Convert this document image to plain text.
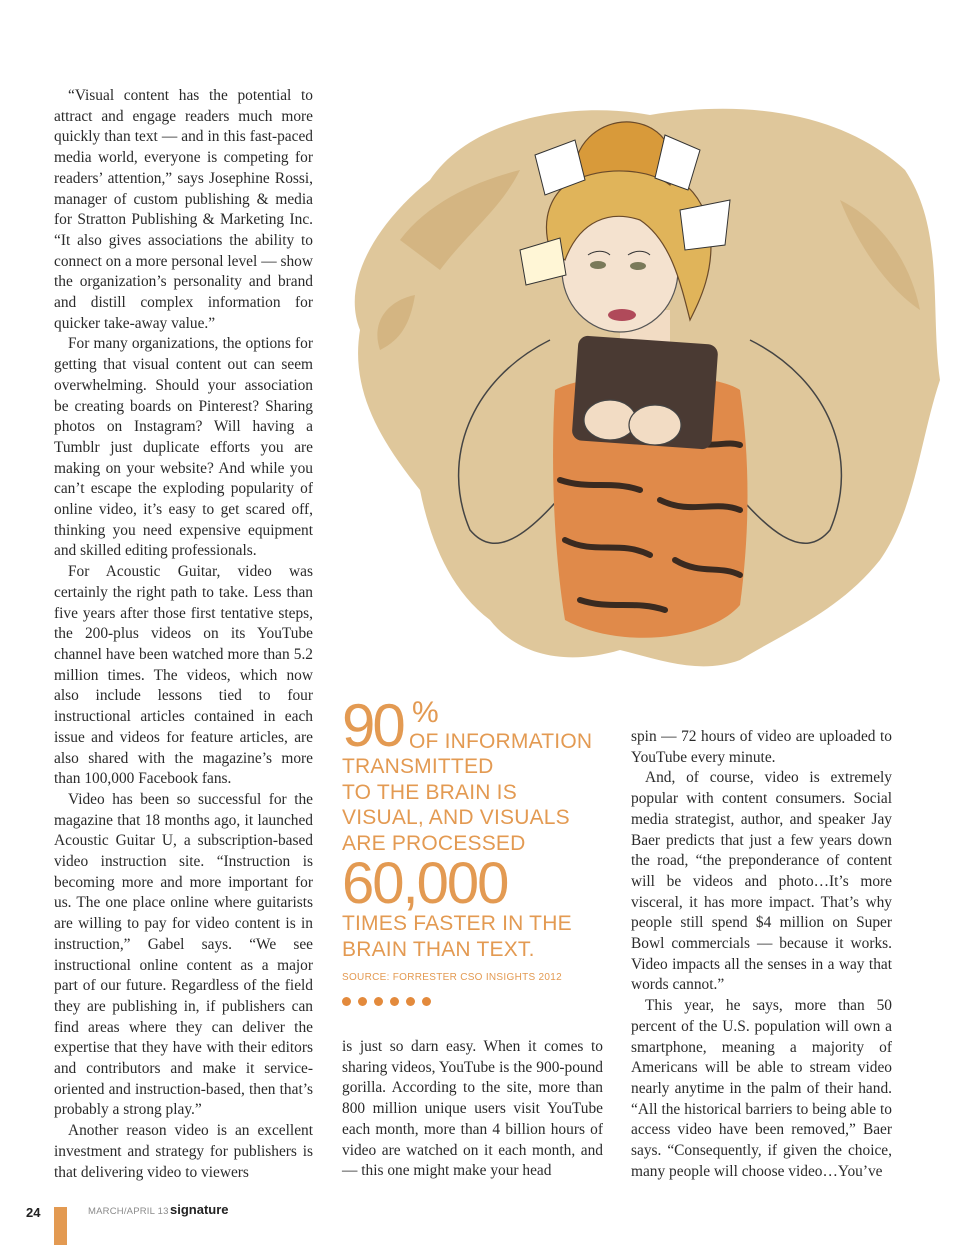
“Visual content has the potential to attract and engage readers much more quickly than text — and in this fast-paced media world, everyone is competing for readers’ attention,” says Josephine Rossi, manager of custom publishing & media for Stratton Publishing & Marketing Inc. “It also gives associations the ability to connect on a more personal level — show the organization’s personality and brand and distill complex information for quicker take-away value.”

For many organizations, the options for getting that visual content out can seem overwhelming. Should your association be creating boards on Pinterest? Sharing photos on Instagram? Will having a Tumblr just duplicate efforts you are making on your website? And while you can’t escape the exploding popularity of online video, it’s easy to get scared off, thinking you need expensive equipment and skilled editing professionals.

For Acoustic Guitar, video was certainly the right path to take. Less than five years after those first tentative steps, the 200-plus videos on its YouTube channel have been watched more than 5.2 million times. The videos, which now also include lessons tied to four instructional articles contained in each issue and videos for feature articles, are also shared with the magazine’s more than 100,000 Facebook fans.

Video has been so successful for the magazine that 18 months ago, it launched Acoustic Guitar U, a subscription-based video instruction site. “Instruction is becoming more and more important for us. The one place online where guitarists are willing to pay for video content is in instruction,” Gabel says. “We see instructional online content as a major part of our future. Regardless of the field they are publishing in, if publishers can find areas where they can deliver the expertise that they have with their editors and contributors and make it service-oriented and instruction-based, then that’s probably a strong play.”

Another reason video is an excellent investment and strategy for publishers is that delivering video to viewers

90 %
OF INFORMATION
TRANSMITTED
TO THE BRAIN IS
VISUAL, AND VISUALS
ARE PROCESSED
60,000
TIMES FASTER IN THE
BRAIN THAN TEXT.
SOURCE: FORRESTER CSO INSIGHTS 2012

is just so darn easy. When it comes to sharing videos, YouTube is the 900-pound gorilla. According to the site, more than 800 million unique users visit YouTube each month, more than 4 billion hours of video are watched on it each month, and — this one might make your head

spin — 72 hours of video are uploaded to YouTube every minute.

And, of course, video is extremely popular with content consumers. Social media strategist, author, and speaker Jay Baer predicts that just a few years down the road, “the preponderance of content will be videos and photo…It’s more visceral, it has more impact. That’s why people still spend $4 million on Super Bowl commercials — because it works. Video impacts all the senses in a way that words cannot.”

This year, he says, more than 50 percent of the U.S. population will own a smartphone, meaning a majority of Americans will be able to stream video nearly anytime in the palm of their hand. “All the historical barriers to being able to access video have been removed,” Baer says. “Consequently, if given the choice, many people will choose video…You’ve

24	MARCH/APRIL 13 signature
